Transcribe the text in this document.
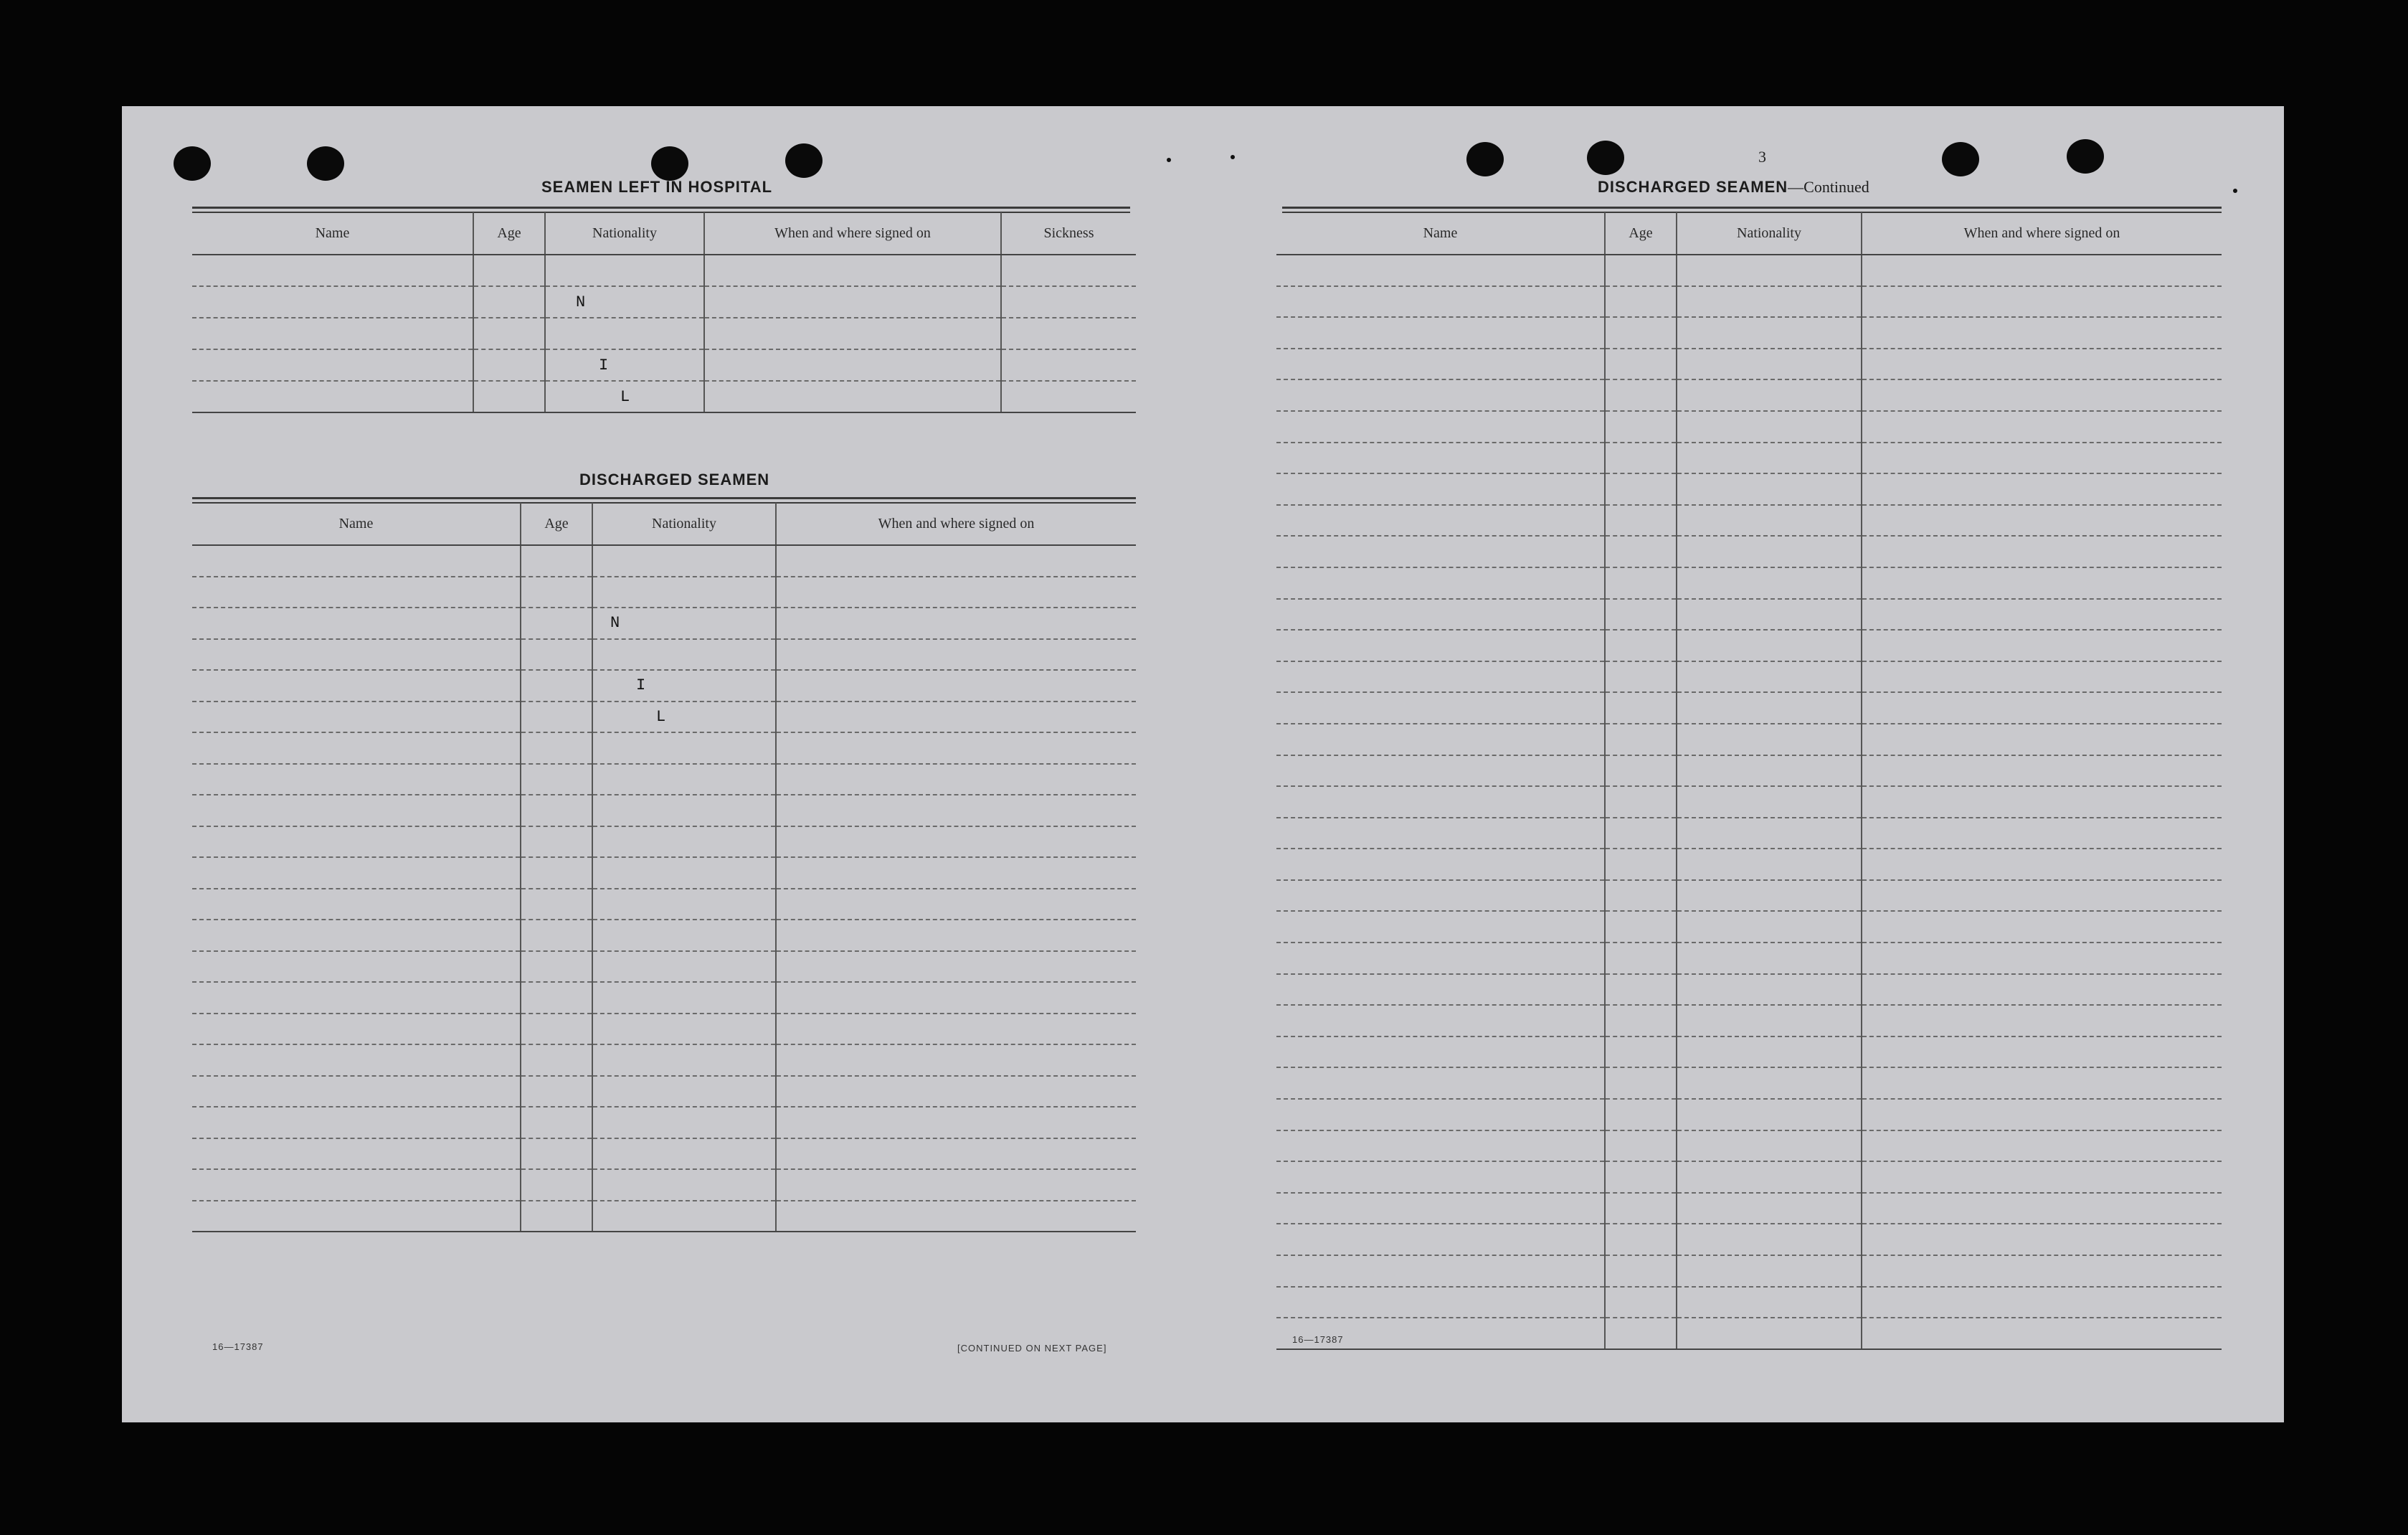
SEAMEN LEFT IN HOSPITAL
Name	Age	Nationality	When and where signed on	Sickness

		N		

		I		
		L		
DISCHARGED SEAMEN
Name	Age	Nationality	When and where signed on

		N	

		I	
		L	

16—17387	[CONTINUED ON NEXT PAGE]
3
DISCHARGED SEAMEN—Continued
Name	Age	Nationality	When and where signed on

16—17387
